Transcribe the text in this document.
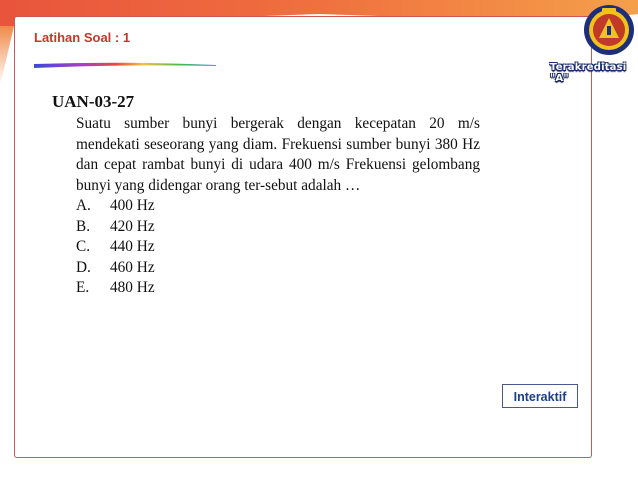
Latihan Soal : 1
Terakreditasi "A"
UAN-03-27
Suatu sumber bunyi bergerak dengan kecepatan 20 m/s mendekati seseorang yang diam. Frekuensi sumber bunyi 380 Hz dan cepat rambat bunyi di udara 400 m/s Frekuensi gelombang bunyi yang didengar orang ter-sebut adalah …
A.	400 Hz
B.	420 Hz
C.	440 Hz
D.	460 Hz
E.	480 Hz
Interaktif
